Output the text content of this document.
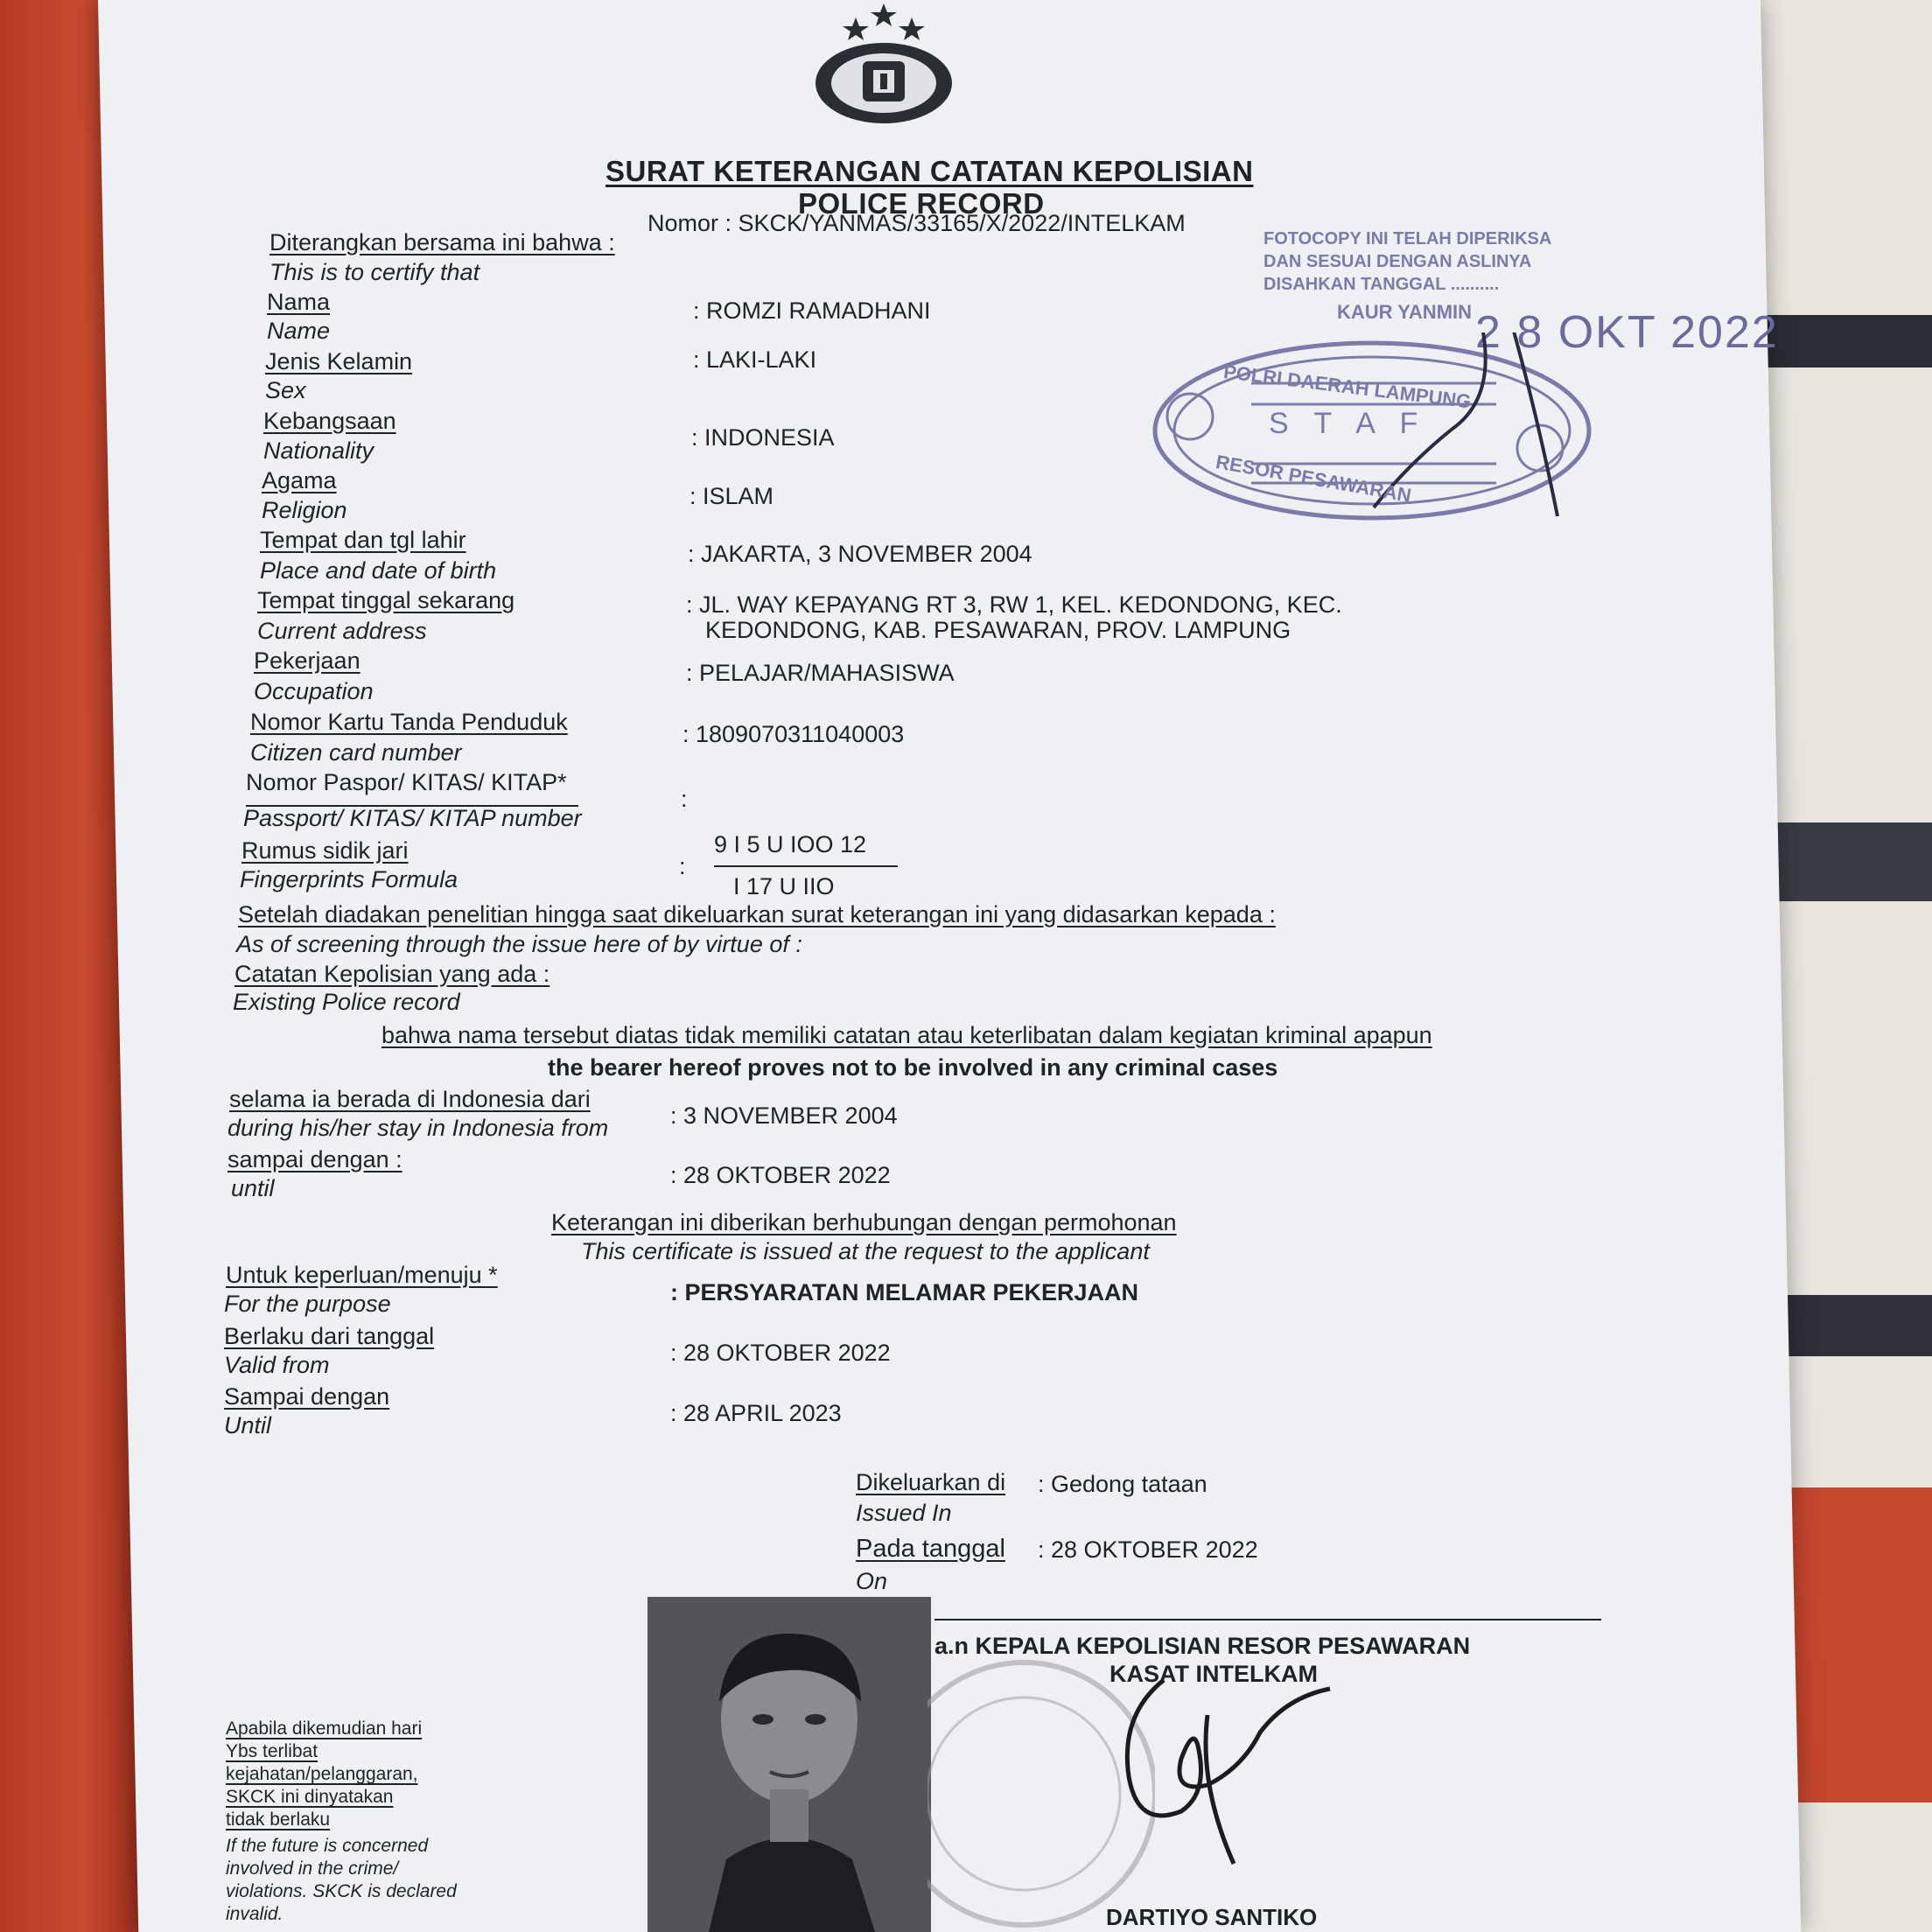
SURAT KETERANGAN CATATAN KEPOLISIAN
POLICE RECORD
Nomor : SKCK/YANMAS/33165/X/2022/INTELKAM
Diterangkan bersama ini bahwa :
This is to certify that
Nama
Name
: ROMZI RAMADHANI
Jenis Kelamin
Sex
: LAKI-LAKI
Kebangsaan
Nationality	: INDONESIA
Agama
Religion
: ISLAM
Tempat dan tgl lahir
Place and date of birth
: JAKARTA, 3 NOVEMBER 2004
Tempat tinggal sekarang
Current address
: JL. WAY KEPAYANG RT 3, RW 1, KEL. KEDONDONG, KEC.
KEDONDONG, KAB. PESAWARAN, PROV. LAMPUNG
Pekerjaan
Occupation
: PELAJAR/MAHASISWA
Nomor Kartu Tanda Penduduk
Citizen card number
: 1809070311040003
Nomor Paspor/ KITAS/ KITAP*
Passport/ KITAS/ KITAP number
:
Rumus sidik jari
Fingerprints Formula	:
9 I 5 U IOO 12
I 17 U IIO
Setelah diadakan penelitian hingga saat dikeluarkan surat keterangan ini yang didasarkan kepada :
As of screening through the issue here of by virtue of :
Catatan Kepolisian yang ada :
Existing Police record
bahwa nama tersebut diatas tidak memiliki catatan atau keterlibatan dalam kegiatan kriminal apapun
the bearer hereof proves not to be involved in any criminal cases
selama ia berada di Indonesia dari
during his/her stay in Indonesia from	: 3 NOVEMBER 2004
sampai dengan :
until	: 28 OKTOBER 2022
Keterangan ini diberikan berhubungan dengan permohonan
This certificate is issued at the request to the applicant
Untuk keperluan/menuju *
For the purpose	: PERSYARATAN MELAMAR PEKERJAAN
Berlaku dari tanggal
Valid from	: 28 OKTOBER 2022
Sampai dengan
Until	: 28 APRIL 2023
Dikeluarkan di
Issued In
: Gedong tataan
Pada tanggal
On
: 28 OKTOBER 2022
a.n KEPALA KEPOLISIAN RESOR PESAWARAN
KASAT INTELKAM
DARTIYO SANTIKO
Apabila dikemudian hari
Ybs terlibat
kejahatan/pelanggaran,
SKCK ini dinyatakan
tidak berlaku
If the future is concerned
involved in the crime/
violations. SKCK is declared
invalid.
FOTOCOPY INI TELAH DIPERIKSA
DAN SESUAI DENGAN ASLINYA
DISAHKAN TANGGAL ..........
KAUR YANMIN 2 8 OKT 2022
POLRI DAERAH LAMPUNG
S T A F
RESOR PESAWARAN
